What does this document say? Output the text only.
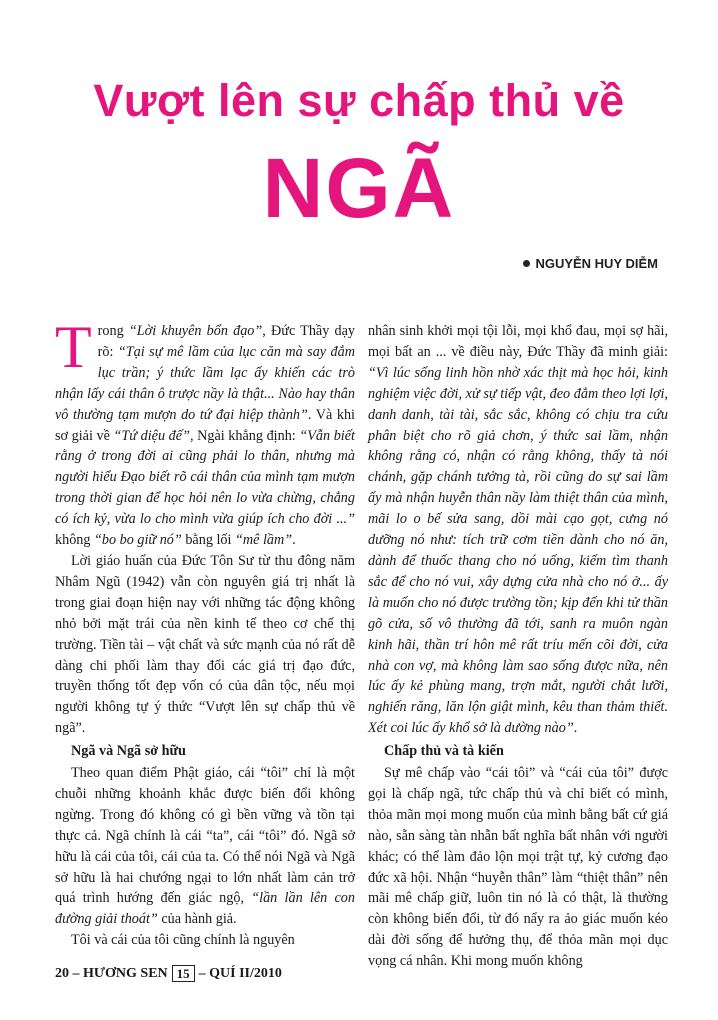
Vượt lên sự chấp thủ về
NGÃ
NGUYỄN HUY DIỄM

Trong “Lời khuyên bổn đạo”, Đức Thầy dạy rõ: “Tại sự mê lầm của lục căn mà say đắm lục trần; ý thức lầm lạc ấy khiến các trò nhận lấy cái thân ô trược nầy là thật... Nào hay thân vô thường tạm mượn do tứ đại hiệp thành”. Và khi sơ giải về “Tứ diệu đế”, Ngài khẳng định: “Vẫn biết rằng ở trong đời ai cũng phải lo thân, nhưng mà người hiểu Đạo biết rõ cái thân của mình tạm mượn trong thời gian để học hỏi nên lo vừa chừng, chẳng có ích kỷ, vừa lo cho mình vừa giúp ích cho đời ...” không “bo bo giữ nó” bằng lối “mê lầm”.

Lời giáo huấn của Đức Tôn Sư từ thu đông năm Nhâm Ngũ (1942) vẫn còn nguyên giá trị nhất là trong giai đoạn hiện nay với những tác động không nhỏ bởi mặt trái của nền kinh tế theo cơ chế thị trường. Tiền tài – vật chất và sức mạnh của nó rất dễ dàng chi phối làm thay đổi các giá trị đạo đức, truyền thống tốt đẹp vốn có của dân tộc, nếu mọi người không tự ý thức “Vượt lên sự chấp thủ về ngã”.

Ngã và Ngã sở hữu

Theo quan điểm Phật giáo, cái “tôi” chỉ là một chuỗi những khoảnh khắc được biến đổi không ngừng. Trong đó không có gì bền vững và tồn tại thực cả. Ngã chính là cái “ta”, cái “tôi” đó. Ngã sở hữu là cái của tôi, cái của ta. Có thể nói Ngã và Ngã sở hữu là hai chướng ngại to lớn nhất làm cản trở quá trình hướng đến giác ngộ, “lần lần lên con đường giải thoát” của hành giả.

Tôi và cái của tôi cũng chính là nguyên

nhân sinh khởi mọi tội lỗi, mọi khổ đau, mọi sợ hãi, mọi bất an ... về điều này, Đức Thầy đã minh giải: “Vì lúc sống linh hồn nhờ xác thịt mà học hỏi, kinh nghiệm việc đời, xử sự tiếp vật, đeo đẳm theo lợi lợi, danh danh, tài tài, sắc sắc, không có chịu tra cứu phân biệt cho rõ giả chơn, ý thức sai lầm, nhận không rằng có, nhận có rằng không, thấy tà nói chánh, gặp chánh tưởng tà, rồi cũng do sự sai lầm ấy mà nhận huyễn thân nầy làm thiệt thân của mình, mãi lo o bế sửa sang, dồi mài cạo gọt, cưng nó dưỡng nó như: tích trữ cơm tiền dành cho nó ăn, dành để thuốc thang cho nó uống, kiếm tìm thanh sắc để cho nó vui, xây dựng cửa nhà cho nó ở... ấy là muốn cho nó được trường tồn; kịp đến khi tử thần gõ cửa, số vô thường đã tới, sanh ra muôn ngàn kinh hãi, thần trí hôn mê rất tríu mến cõi đời, cửa nhà con vợ, mà không làm sao sống được nữa, nên lúc ấy kẻ phùng mang, trợn mắt, người chắt lưỡi, nghiến răng, lăn lộn giật mình, kêu than thảm thiết. Xét coi lúc ấy khổ sở là dường nào”.

Chấp thủ và tà kiến

Sự mê chấp vào “cái tôi” và “cái của tôi” được gọi là chấp ngã, tức chấp thủ và chỉ biết có mình, thỏa mãn mọi mong muốn của mình bằng bất cứ giá nào, sẵn sàng tàn nhẫn bất nghĩa bất nhân với người khác; có thể làm đảo lộn mọi trật tự, kỷ cương đạo đức xã hội. Nhận “huyễn thân” làm “thiệt thân” nên mãi mê chấp giữ, luôn tin nó là có thật, là thường còn không biến đổi, từ đó nẩy ra ảo giác muốn kéo dài đời sống để hưởng thụ, để thỏa mãn mọi dục vọng cá nhân. Khi mong muốn không

20 – HƯƠNG SEN 15 – QUÍ II/2010
